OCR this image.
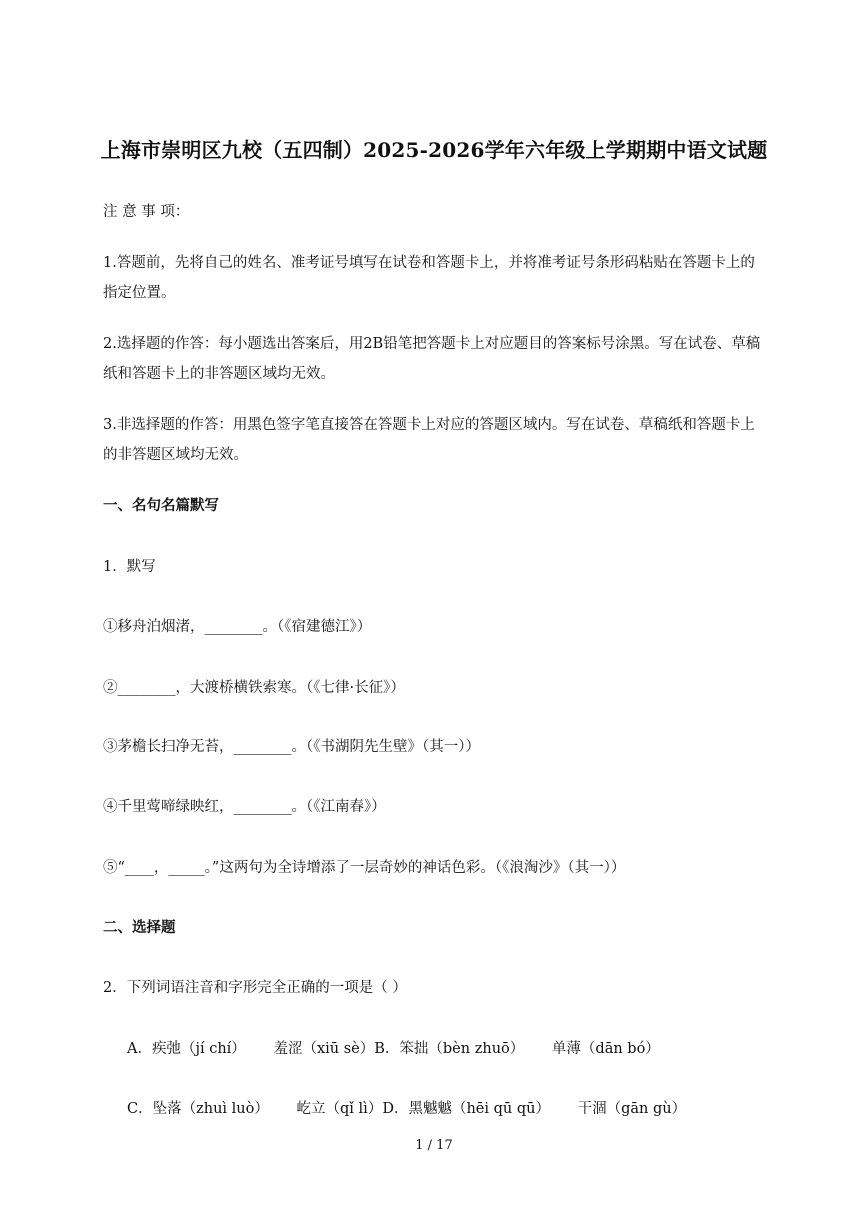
上海市崇明区九校（五四制）2025-2026学年六年级上学期期中语文试题
注 意 事 项：
1.答题前，先将自己的姓名、准考证号填写在试卷和答题卡上，并将准考证号条形码粘贴在答题卡上的指定位置。
2.选择题的作答：每小题选出答案后，用2B铅笔把答题卡上对应题目的答案标号涂黑。写在试卷、草稿纸和答题卡上的非答题区域均无效。
3.非选择题的作答：用黑色签字笔直接答在答题卡上对应的答题区域内。写在试卷、草稿纸和答题卡上的非答题区域均无效。
一、名句名篇默写
1．默写
①移舟泊烟渚，________。（《宿建德江》）
②________，大渡桥横铁索寒。（《七律·长征》）
③茅檐长扫净无苔，________。（《书湖阴先生壁》（其一））
④千里莺啼绿映红，________。（《江南春》）
⑤“____，_____。”这两句为全诗增添了一层奇妙的神话色彩。（《浪淘沙》（其一））
二、选择题
2．下列词语注音和字形完全正确的一项是（ ）
A．疾弛（jí chí）      羞涩（xiū sè）B．笨拙（bèn zhuō）      单薄（dān bó）
C．坠落（zhuì luò）      屹立（qǐ lì）D．黑魆魆（hēi qū qū）      干涸（gān gù）
1 / 17
